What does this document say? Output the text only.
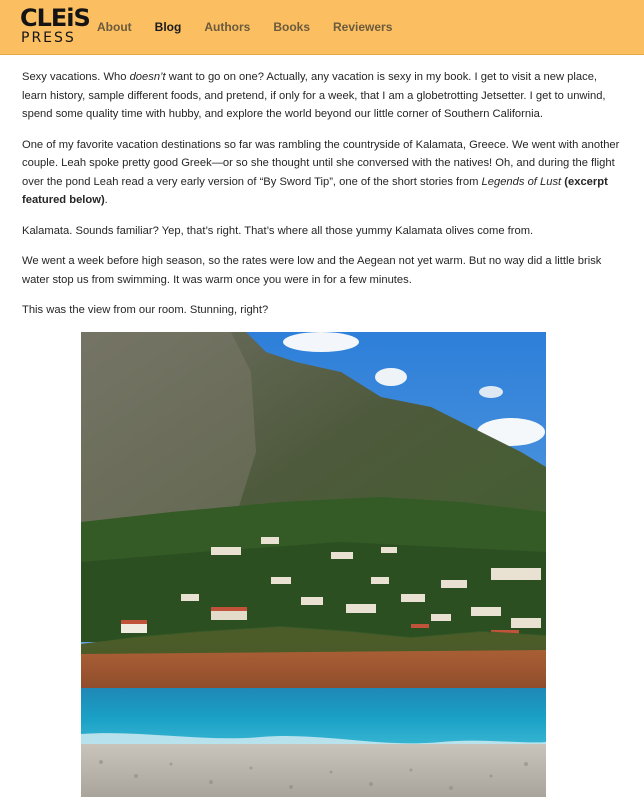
CLEiS
PRESS
About Blog Authors Books Reviewers

Sexy vacations. Who doesn’t want to go on one? Actually, any vacation is sexy in my book. I get to visit a new place, learn history, sample different foods, and pretend, if only for a week, that I am a globetrotting Jetsetter. I get to unwind, spend some quality time with hubby, and explore the world beyond our little corner of Southern California.

One of my favorite vacation destinations so far was rambling the countryside of Kalamata, Greece. We went with another couple. Leah spoke pretty good Greek—or so she thought until she conversed with the natives! Oh, and during the flight over the pond Leah read a very early version of “By Sword Tip”, one of the short stories from Legends of Lust (excerpt featured below).

Kalamata. Sounds familiar? Yep, that’s right. That’s where all those yummy Kalamata olives come from.

We went a week before high season, so the rates were low and the Aegean not yet warm. But no way did a little brisk water stop us from swimming. It was warm once you were in for a few minutes.

This was the view from our room. Stunning, right?
